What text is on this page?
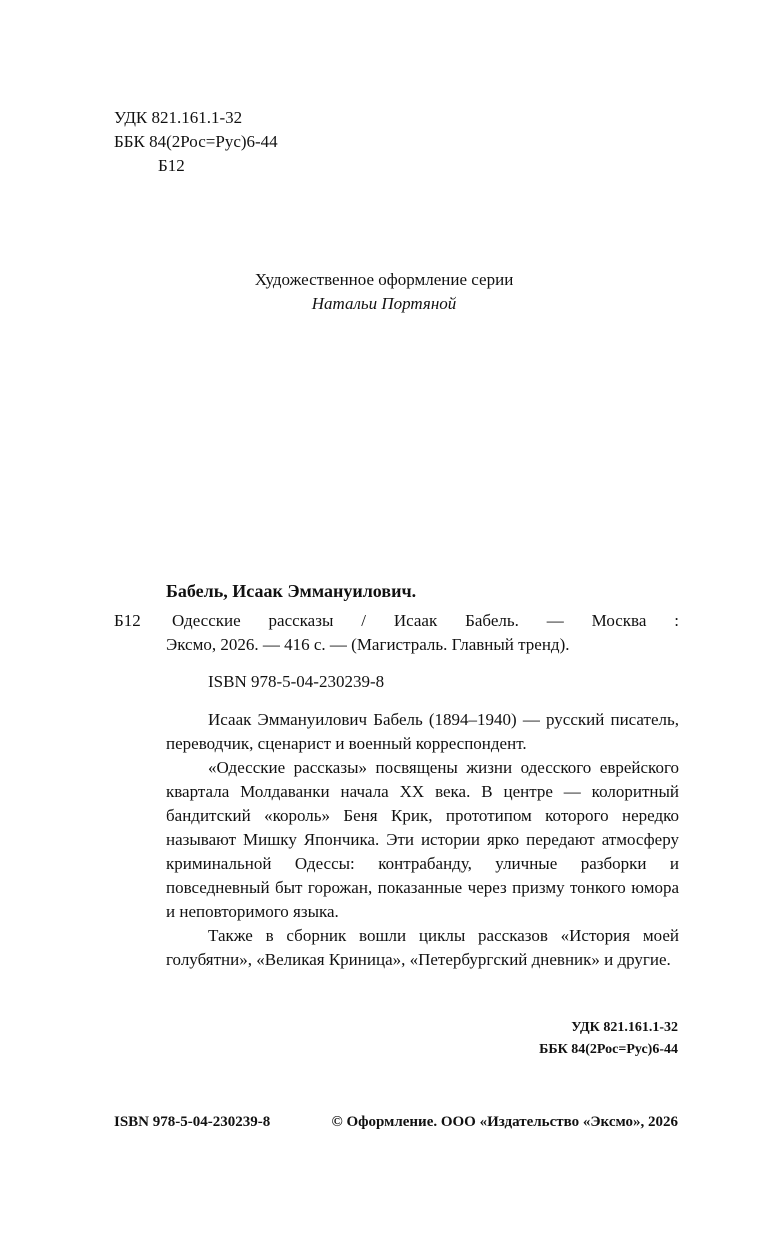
УДК 821.161.1-32
ББК 84(2Рос=Рус)6-44
Б12
Художественное оформление серии
Натальи Портяной
Бабель, Исаак Эммануилович.
Б12	Одесские рассказы / Исаак Бабель. — Москва :

Эксмо, 2026. — 416 с. — (Магистраль. Главный тренд).

ISBN 978-5-04-230239-8

Исаак Эммануилович Бабель (1894–1940) — русский писатель, переводчик, сценарист и военный корреспондент.

«Одесские рассказы» посвящены жизни одесского еврейского квартала Молдаванки начала XX века. В центре — колоритный бандитский «король» Беня Крик, прототипом которого нередко называют Мишку Япончика. Эти истории ярко передают атмосферу криминальной Одессы: контрабанду, уличные разборки и повседневный быт горожан, показанные через призму тонкого юмора и неповторимого языка.

Также в сборник вошли циклы рассказов «История моей голубятни», «Великая Криница», «Петербургский дневник» и другие.

УДК 821.161.1-32
ББК 84(2Рос=Рус)6-44
ISBN 978-5-04-230239-8	© Оформление. ООО «Издательство «Эксмо», 2026
